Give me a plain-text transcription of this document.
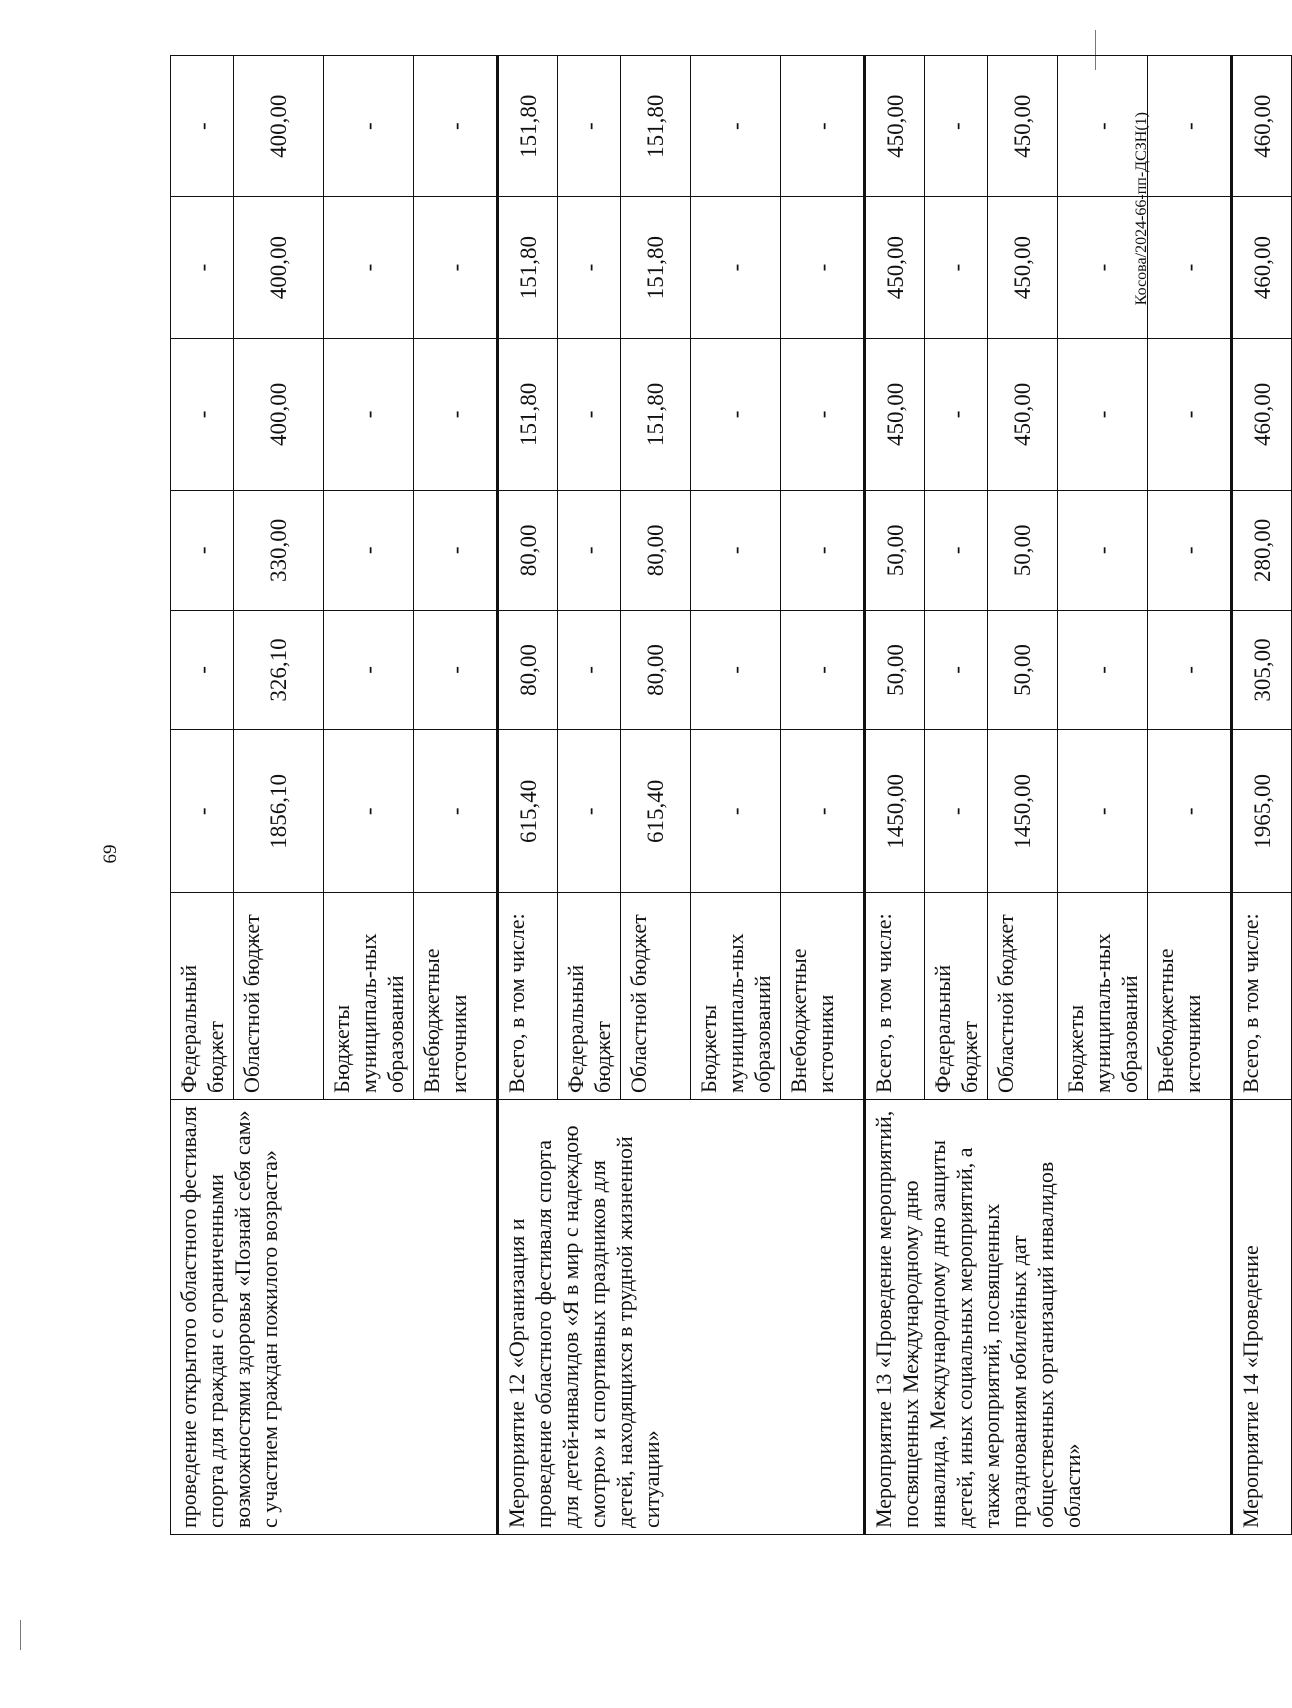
69
проведение открытого областного фестиваля спорта для граждан с ограниченными возможностями здоровья «Познай себя сам» с участием граждан пожилого возраста»	Федеральный бюджет	-	-	-	-	-	-
	Областной бюджет	1856,10	326,10	330,00	400,00	400,00	400,00
	Бюджеты муниципаль-ных образований	-	-	-	-	-	-
	Внебюджетные источники	-	-	-	-	-	-
Мероприятие 12 «Организация и проведение областного фестиваля спорта для детей-инвалидов «Я в мир с надеждою смотрю» и спортивных праздников для детей, находящихся в трудной жизненной ситуации»	Всего, в том числе:	615,40	80,00	80,00	151,80	151,80	151,80
	Федеральный бюджет	-	-	-	-	-	-
	Областной бюджет	615,40	80,00	80,00	151,80	151,80	151,80
	Бюджеты муниципаль-ных образований	-	-	-	-	-	-
	Внебюджетные источники	-	-	-	-	-	-
Мероприятие 13 «Проведение мероприятий, посвященных Международному дню инвалида, Международному дню защиты детей, иных социальных мероприятий, а также мероприятий, посвященных празднованиям юбилейных дат общественных организаций инвалидов области»	Всего, в том числе:	1450,00	50,00	50,00	450,00	450,00	450,00
	Федеральный бюджет	-	-	-	-	-	-
	Областной бюджет	1450,00	50,00	50,00	450,00	450,00	450,00
	Бюджеты муниципаль-ных образований	-	-	-	-	-	-
	Внебюджетные источники	-	-	-	-	-	-
Мероприятие 14 «Проведение	Всего, в том числе:	1965,00	305,00	280,00	460,00	460,00	460,00
Косова/2024-66-пп-ДСЗН(1)
